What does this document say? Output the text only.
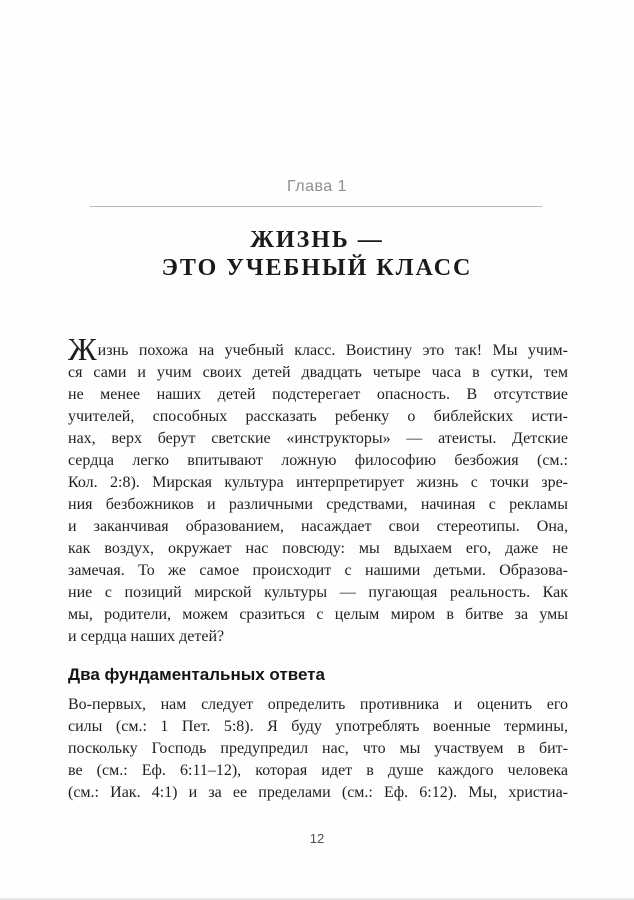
Глава 1
ЖИЗНЬ —
ЭТО УЧЕБНЫЙ КЛАСС
Жизнь похожа на учебный класс. Воистину это так! Мы учим-
ся сами и учим своих детей двадцать четыре часа в сутки, тем
не менее наших детей подстерегает опасность. В отсутствие
учителей, способных рассказать ребенку о библейских исти-
нах, верх берут светские «инструкторы» — атеисты. Детские
сердца легко впитывают ложную философию безбожия (см.:
Кол. 2:8). Мирская культура интерпретирует жизнь с точки зре-
ния безбожников и различными средствами, начиная с рекламы
и заканчивая образованием, насаждает свои стереотипы. Она,
как воздух, окружает нас повсюду: мы вдыхаем его, даже не
замечая. То же самое происходит с нашими детьми. Образова-
ние с позиций мирской культуры — пугающая реальность. Как
мы, родители, можем сразиться с целым миром в битве за умы
и сердца наших детей?
Два фундаментальных ответа
Во-первых, нам следует определить противника и оценить его
силы (см.: 1 Пет. 5:8). Я буду употреблять военные термины,
поскольку Господь предупредил нас, что мы участвуем в бит-
ве (см.: Еф. 6:11–12), которая идет в душе каждого человека
(см.: Иак. 4:1) и за ее пределами (см.: Еф. 6:12). Мы, христиа-
12
